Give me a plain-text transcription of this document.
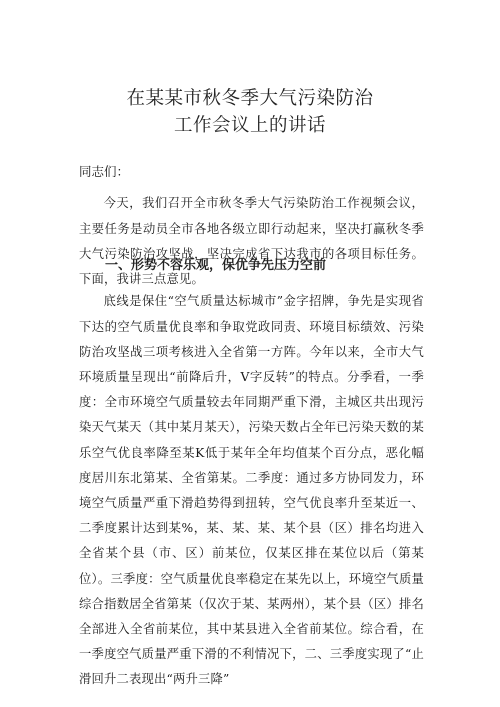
在某某市秋冬季大气污染防治
工作会议上的讲话
同志们：

今天，我们召开全市秋冬季大气污染防治工作视频会议，主要任务是动员全市各地各级立即行动起来，坚决打赢秋冬季大气污染防治攻坚战，坚决完成省下达我市的各项目标任务。下面，我讲三点意见。

一、形势不容乐观，保优争先压力空前

底线是保住“空气质量达标城市”金字招牌，争先是实现省下达的空气质量优良率和争取党政同责、环境目标绩效、污染防治攻坚战三项考核进入全省第一方阵。今年以来，全市大气环境质量呈现出“前降后升，V字反转”的特点。分季看，一季度：全市环境空气质量较去年同期严重下滑，主城区共出现污染天气某天（其中某月某天），污染天数占全年已污染天数的某乐空气优良率降至某K低于某年全年均值某个百分点，恶化幅度居川东北第某、全省第某。二季度：通过多方协同发力，环境空气质量严重下滑趋势得到扭转，空气优良率升至某近一、二季度累计达到某%，某、某、某、某个县（区）排名均进入全省某个县（市、区）前某位，仅某区排在某位以后（第某位）。三季度：空气质量优良率稳定在某先以上，环境空气质量综合指数居全省第某（仅次于某、某两州），某个县（区）排名全部进入全省前某位，其中某县进入全省前某位。综合看，在一季度空气质量严重下滑的不利情况下，二、三季度实现了“止滑回升二表现出“两升三降”
